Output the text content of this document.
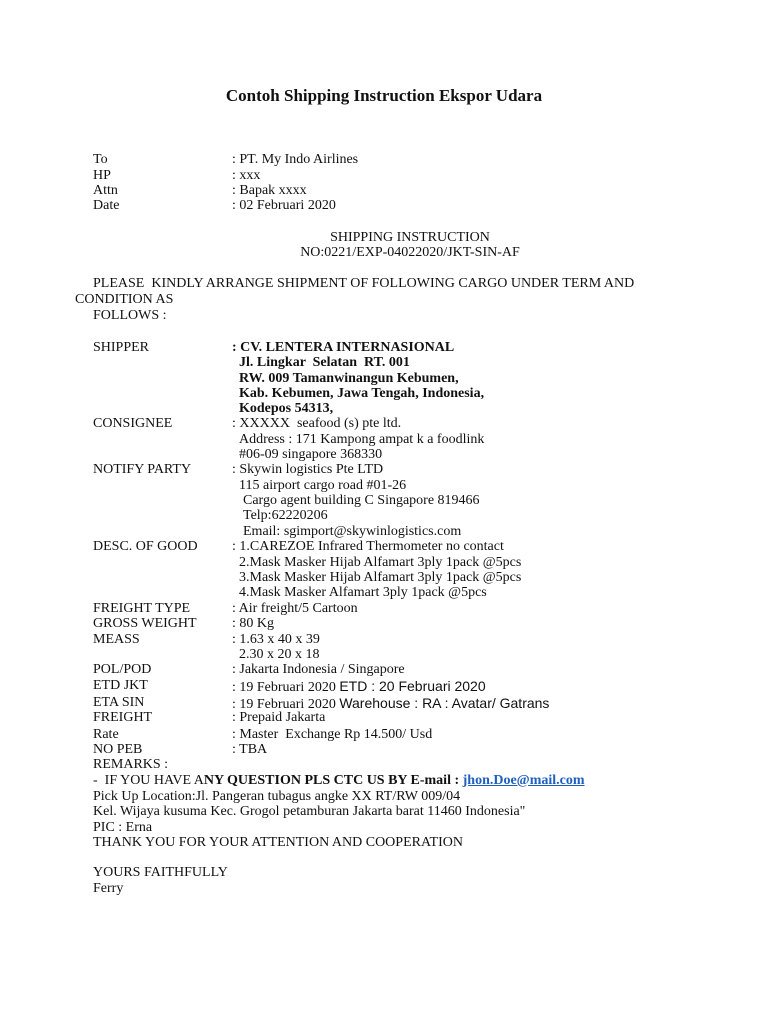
Contoh Shipping Instruction Ekspor Udara
To	: PT. My Indo Airlines
HP	: xxx
Attn	: Bapak xxxx
Date	: 02 Februari 2020
SHIPPING INSTRUCTION
NO:0221/EXP-04022020/JKT-SIN-AF
PLEASE  KINDLY ARRANGE SHIPMENT OF FOLLOWING CARGO UNDER TERM AND
CONDITION AS
FOLLOWS :
SHIPPER	: CV. LENTERA INTERNASIONAL
Jl. Lingkar  Selatan  RT. 001
RW. 009 Tamanwinangun Kebumen,
Kab. Kebumen, Jawa Tengah, Indonesia,
Kodepos 54313,
CONSIGNEE	: XXXXX  seafood (s) pte ltd.
Address : 171 Kampong ampat k a foodlink
#06-09 singapore 368330
NOTIFY PARTY	: Skywin logistics Pte LTD
115 airport cargo road #01-26
Cargo agent building C Singapore 819466
Telp:62220206
Email: sgimport@skywinlogistics.com
DESC. OF GOOD : 1.CAREZOE Infrared Thermometer no contact
2.Mask Masker Hijab Alfamart 3ply 1pack @5pcs
3.Mask Masker Hijab Alfamart 3ply 1pack @5pcs
4.Mask Masker Alfamart 3ply 1pack @5pcs
FREIGHT TYPE	: Air freight/5 Cartoon
GROSS WEIGHT	: 80 Kg
MEASS	: 1.63 x 40 x 39
2.30 x 20 x 18
POL/POD	: Jakarta Indonesia / Singapore
ETD JKT	: 19 Februari 2020 ETD : 20 Februari 2020
ETA SIN	: 19 Februari 2020 Warehouse : RA : Avatar/ Gatrans
FREIGHT	: Prepaid Jakarta
Rate	: Master  Exchange Rp 14.500/ Usd
NO PEB	: TBA
REMARKS :
-  IF YOU HAVE ANY QUESTION PLS CTC US BY E-mail : jhon.Doe@mail.com
Pick Up Location:Jl. Pangeran tubagus angke XX RT/RW 009/04
Kel. Wijaya kusuma Kec. Grogol petamburan Jakarta barat 11460 Indonesia"
PIC : Erna
THANK YOU FOR YOUR ATTENTION AND COOPERATION
YOURS FAITHFULLY
Ferry
